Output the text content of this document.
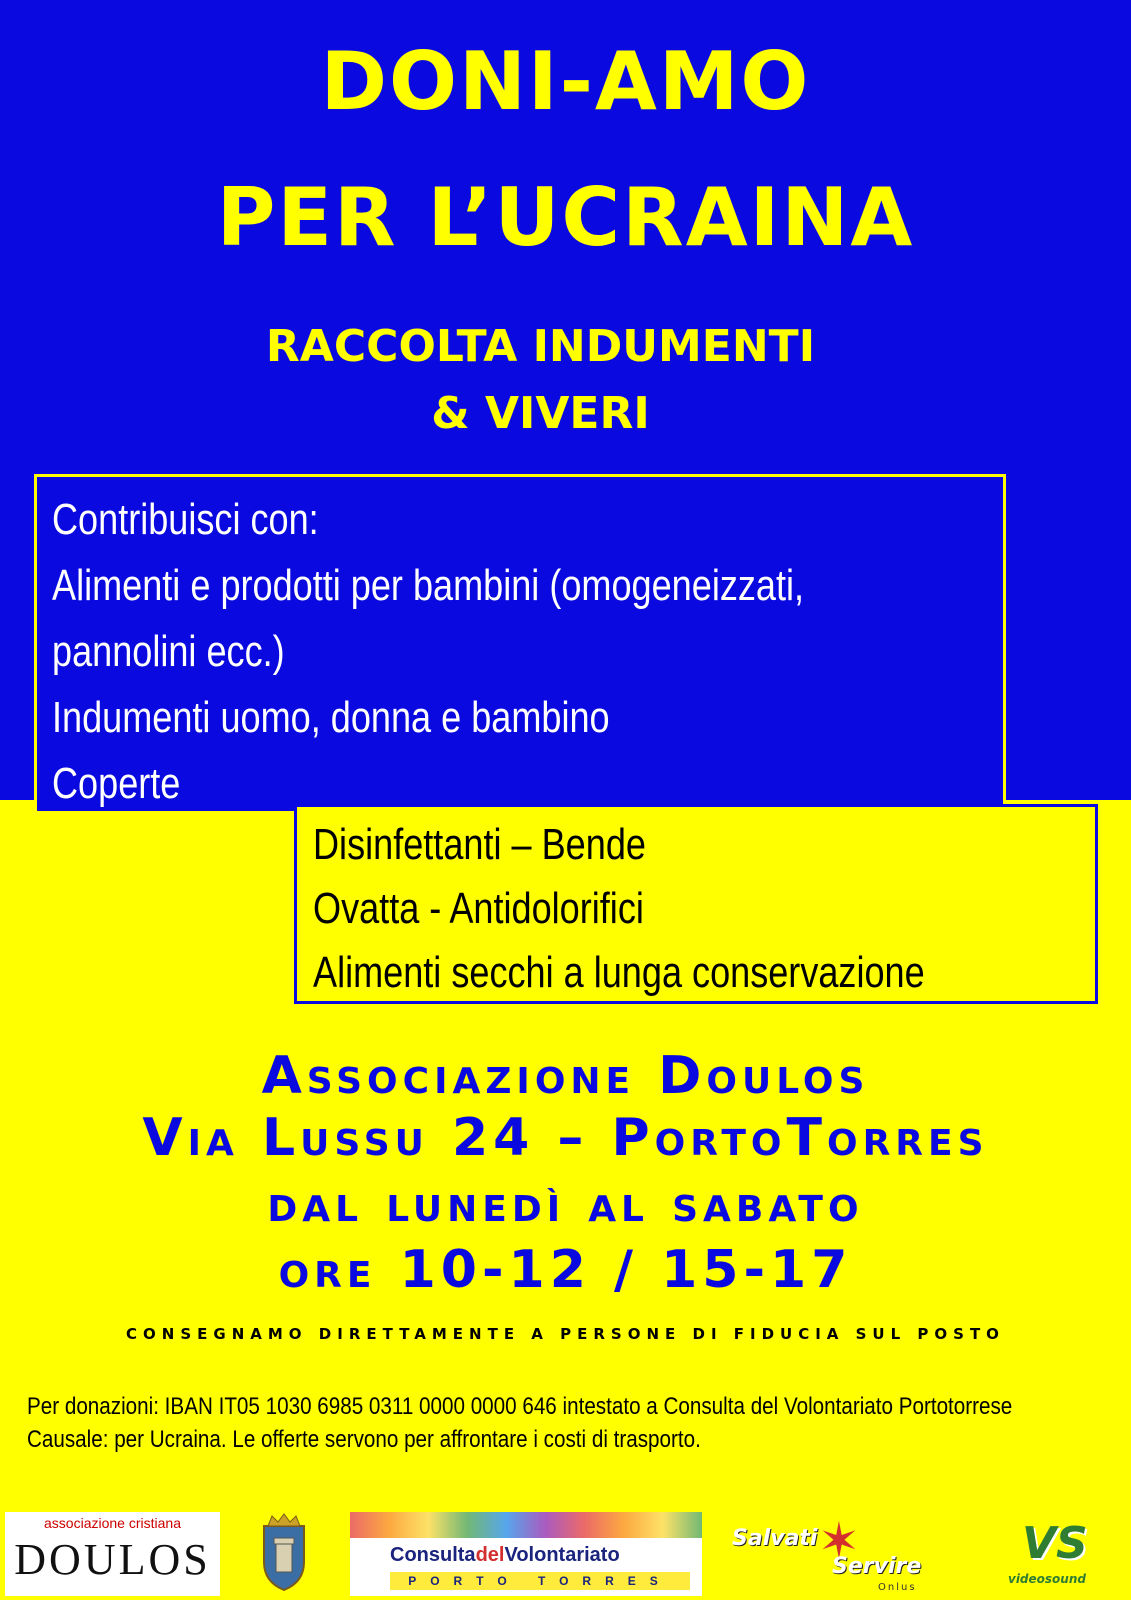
DONI-AMO
PER L’UCRAINA
RACCOLTA INDUMENTI
& VIVERI
Contribuisci con:
Alimenti e prodotti per bambini (omogeneizzati,
pannolini ecc.)
Indumenti uomo, donna e bambino
Coperte
Disinfettanti – Bende
Ovatta - Antidolorifici
Alimenti secchi a lunga conservazione
Associazione Doulos
Via Lussu 24 – PortoTorres
dal lunedì al sabato
ore 10-12 / 15-17
CONSEGNAMO DIRETTAMENTE A PERSONE DI FIDUCIA SUL POSTO
Per donazioni: IBAN IT05 1030 6985 0311 0000 0000 646 intestato a Consulta del Volontariato Portotorrese
Causale: per Ucraina. Le offerte servono per affrontare i costi di trasporto.
associazione cristiana
DOULOS	ConsultadelVolontariato
PORTO TORRES
✶
Salvati
Servire
Onlus
VS
videosound
